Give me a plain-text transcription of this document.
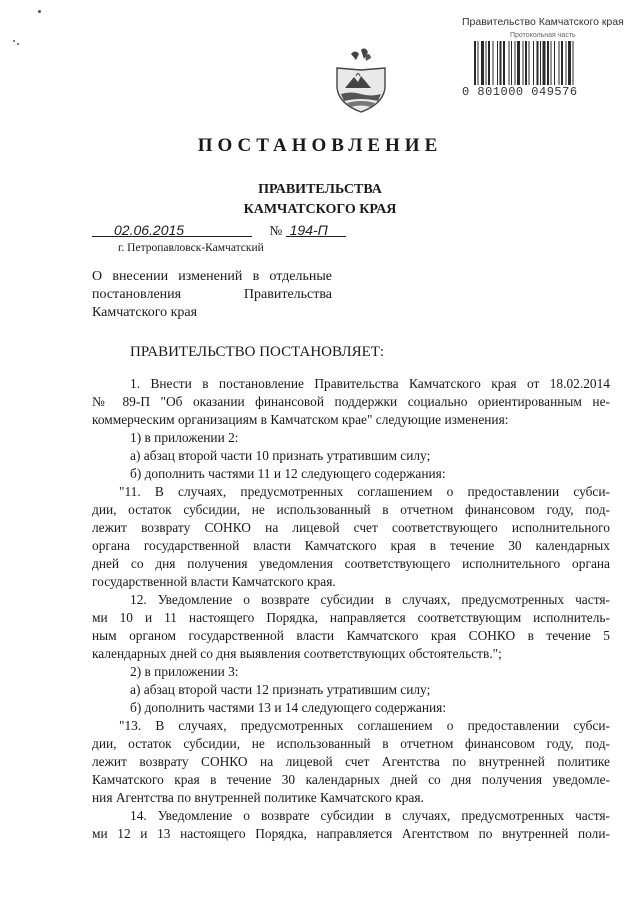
Правительство Камчатского края
Протокольная часть
0 801000 049576
ПОСТАНОВЛЕНИЕ
ПРАВИТЕЛЬСТВА
КАМЧАТСКОГО КРАЯ
02.06.2015	№ 194-П
г. Петропавловск-Камчатский
О внесении изменений в отдельные постановления Правительства Камчатского края
ПРАВИТЕЛЬСТВО ПОСТАНОВЛЯЕТ:

1. Внести в постановление Правительства Камчатского края от 18.02.2014

№ 89-П "Об оказании финансовой поддержки социально ориентированным не-

коммерческим организациям в Камчатском крае" следующие изменения:

1) в приложении 2:

а) абзац второй части 10 признать утратившим силу;

б) дополнить частями 11 и 12 следующего содержания:

"11. В случаях, предусмотренных соглашением о предоставлении субси-

дии, остаток субсидии, не использованный в отчетном финансовом году, под-

лежит возврату СОНКО на лицевой счет соответствующего исполнительного

органа государственной власти Камчатского края в течение 30 календарных

дней со дня получения уведомления соответствующего исполнительного органа

государственной власти Камчатского края.

12. Уведомление о возврате субсидии в случаях, предусмотренных частя-

ми 10 и 11 настоящего Порядка, направляется соответствующим исполнитель-

ным органом государственной власти Камчатского края СОНКО в течение 5

календарных дней со дня выявления соответствующих обстоятельств.";

2) в приложении 3:

а) абзац второй части 12 признать утратившим силу;

б) дополнить частями 13 и 14 следующего содержания:

"13. В случаях, предусмотренных соглашением о предоставлении субси-

дии, остаток субсидии, не использованный в отчетном финансовом году, под-

лежит возврату СОНКО на лицевой счет Агентства по внутренней политике

Камчатского края в течение 30 календарных дней со дня получения уведомле-

ния Агентства по внутренней политике Камчатского края.

14. Уведомление о возврате субсидии в случаях, предусмотренных частя-

ми 12 и 13 настоящего Порядка, направляется Агентством по внутренней поли-
